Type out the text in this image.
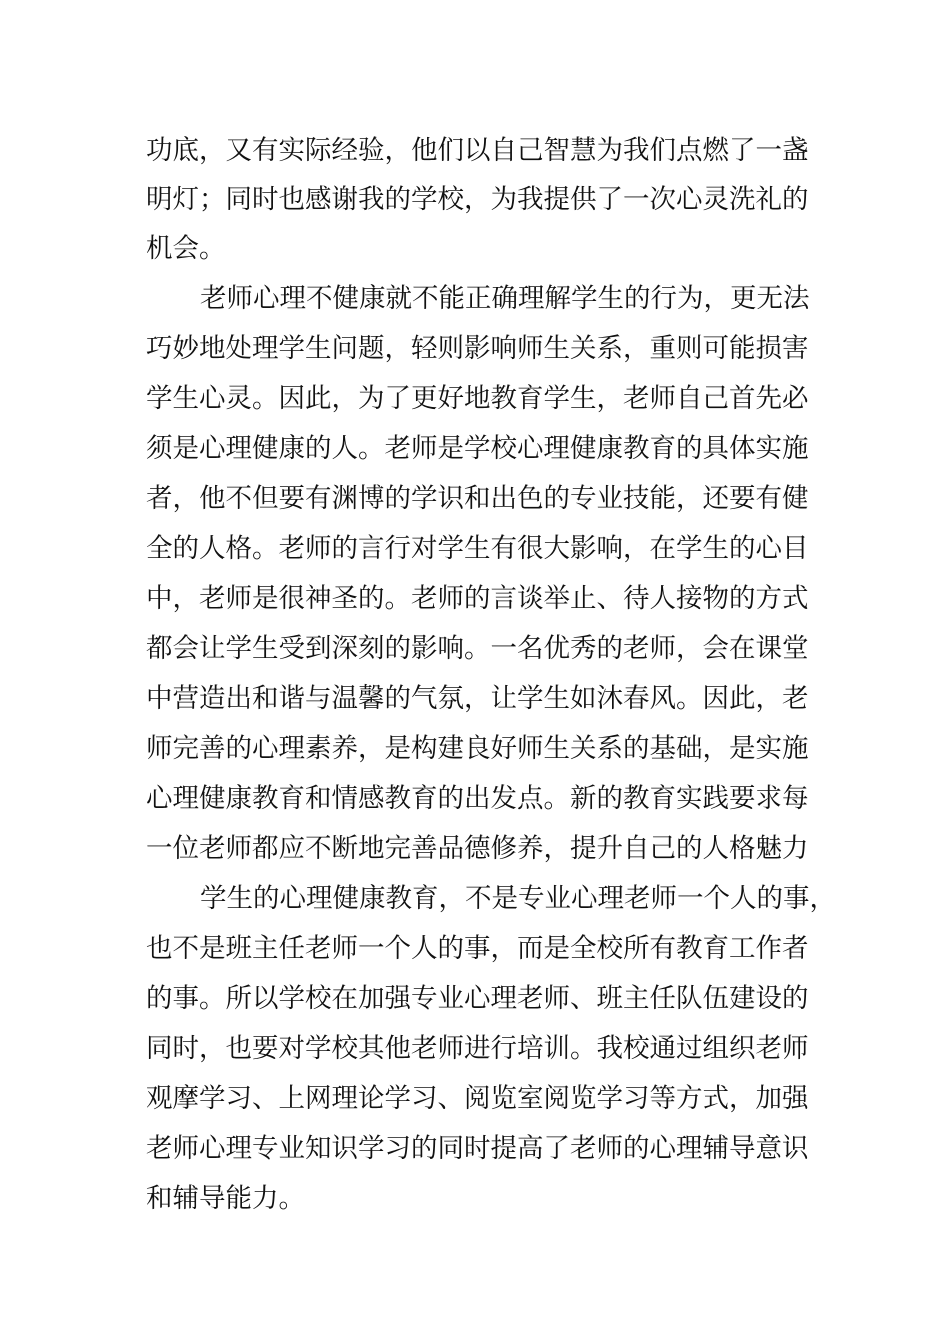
功底，又有实际经验，他们以自己智慧为我们点燃了一盏
明灯；同时也感谢我的学校，为我提供了一次心灵洗礼的
机会。
老师心理不健康就不能正确理解学生的行为，更无法
巧妙地处理学生问题，轻则影响师生关系，重则可能损害
学生心灵。因此，为了更好地教育学生，老师自己首先必
须是心理健康的人。老师是学校心理健康教育的具体实施
者，他不但要有渊博的学识和出色的专业技能，还要有健
全的人格。老师的言行对学生有很大影响，在学生的心目
中，老师是很神圣的。老师的言谈举止、待人接物的方式
都会让学生受到深刻的影响。一名优秀的老师，会在课堂
中营造出和谐与温馨的气氛，让学生如沐春风。因此，老
师完善的心理素养，是构建良好师生关系的基础，是实施
心理健康教育和情感教育的出发点。新的教育实践要求每
一位老师都应不断地完善品德修养，提升自己的人格魅力
学生的心理健康教育，不是专业心理老师一个人的事，
也不是班主任老师一个人的事，而是全校所有教育工作者
的事。所以学校在加强专业心理老师、班主任队伍建设的
同时，也要对学校其他老师进行培训。我校通过组织老师
观摩学习、上网理论学习、阅览室阅览学习等方式，加强
老师心理专业知识学习的同时提高了老师的心理辅导意识
和辅导能力。
